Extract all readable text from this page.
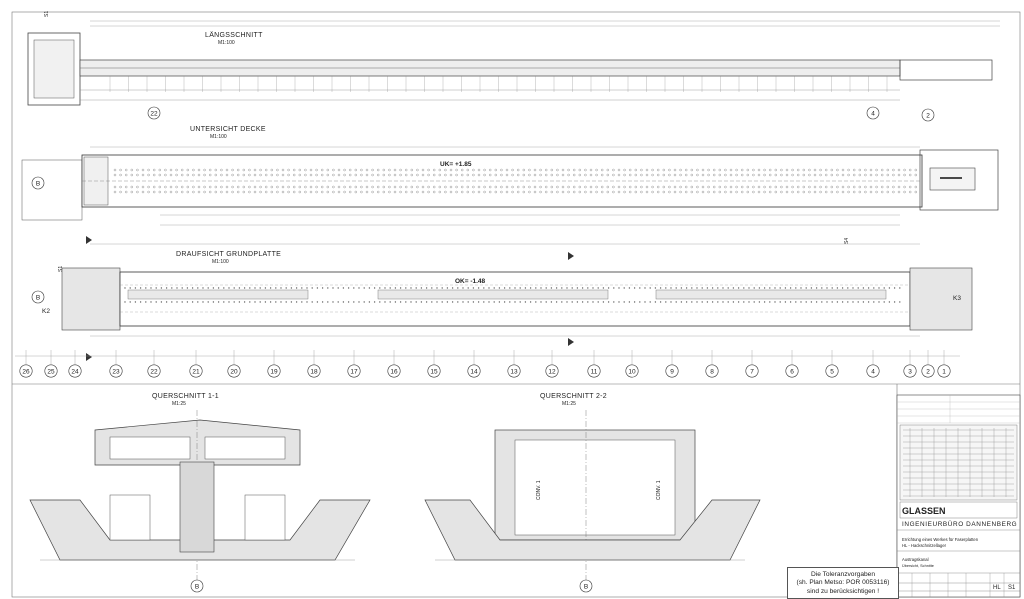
LÄNGSSCHNITT
M1:100
22	4	2
S1
UNTERSICHT DECKE
M1:100
UK= +1.85
B
DRAUFSICHT GRUNDPLATTE
M1:100
OK= -1.48
B
K2
K3
S4
S1
26	25	24	23	22	21	20	19	18	17	16	15	14	13	12	11	10	9	8	7	6	5	4	3 2 1
QUERSCHNITT 1-1
M1:25
B
QUERSCHNITT 2-2
M1:25
CONV. 1	CONV. 1
B
GLASSEN
INGENIEURBÜRO DANNENBERG
Errichtung eines Werkes für Faserplatten
HL - Hackschnitzellager
Austragskanal
Übersicht, Schnitte
HL S1
Die Toleranzvorgaben
(sh. Plan Metso: POR 0053116)
sind zu berücksichtigen !
